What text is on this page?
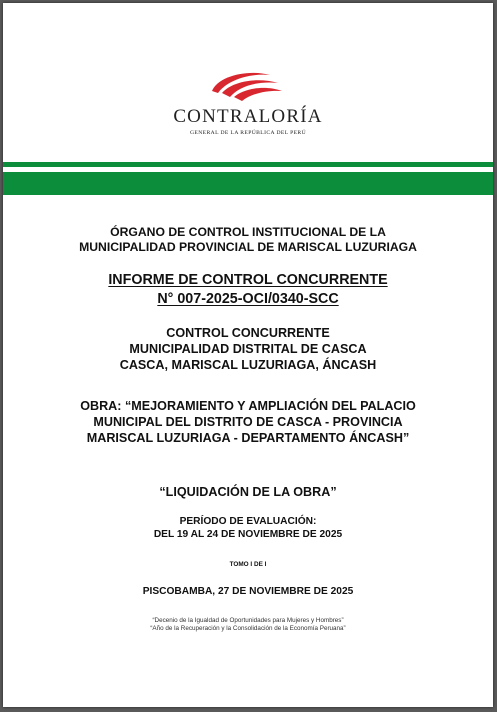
CONTRALORÍA
GENERAL DE LA REPÚBLICA DEL PERÚ
ÓRGANO DE CONTROL INSTITUCIONAL DE LA
MUNICIPALIDAD PROVINCIAL DE MARISCAL LUZURIAGA
INFORME DE CONTROL CONCURRENTE
N° 007-2025-OCI/0340-SCC
CONTROL CONCURRENTE
MUNICIPALIDAD DISTRITAL DE CASCA
CASCA, MARISCAL LUZURIAGA, ÁNCASH
OBRA: “MEJORAMIENTO Y AMPLIACIÓN DEL PALACIO
MUNICIPAL DEL DISTRITO DE CASCA - PROVINCIA
MARISCAL LUZURIAGA - DEPARTAMENTO ÁNCASH”
“LIQUIDACIÓN DE LA OBRA”
PERÍODO DE EVALUACIÓN:
DEL 19 AL 24 DE NOVIEMBRE DE 2025
TOMO I DE I
PISCOBAMBA, 27 DE NOVIEMBRE DE 2025
“Decenio de la Igualdad de Oportunidades para Mujeres y Hombres”
“Año de la Recuperación y la Consolidación de la Economía Peruana”
